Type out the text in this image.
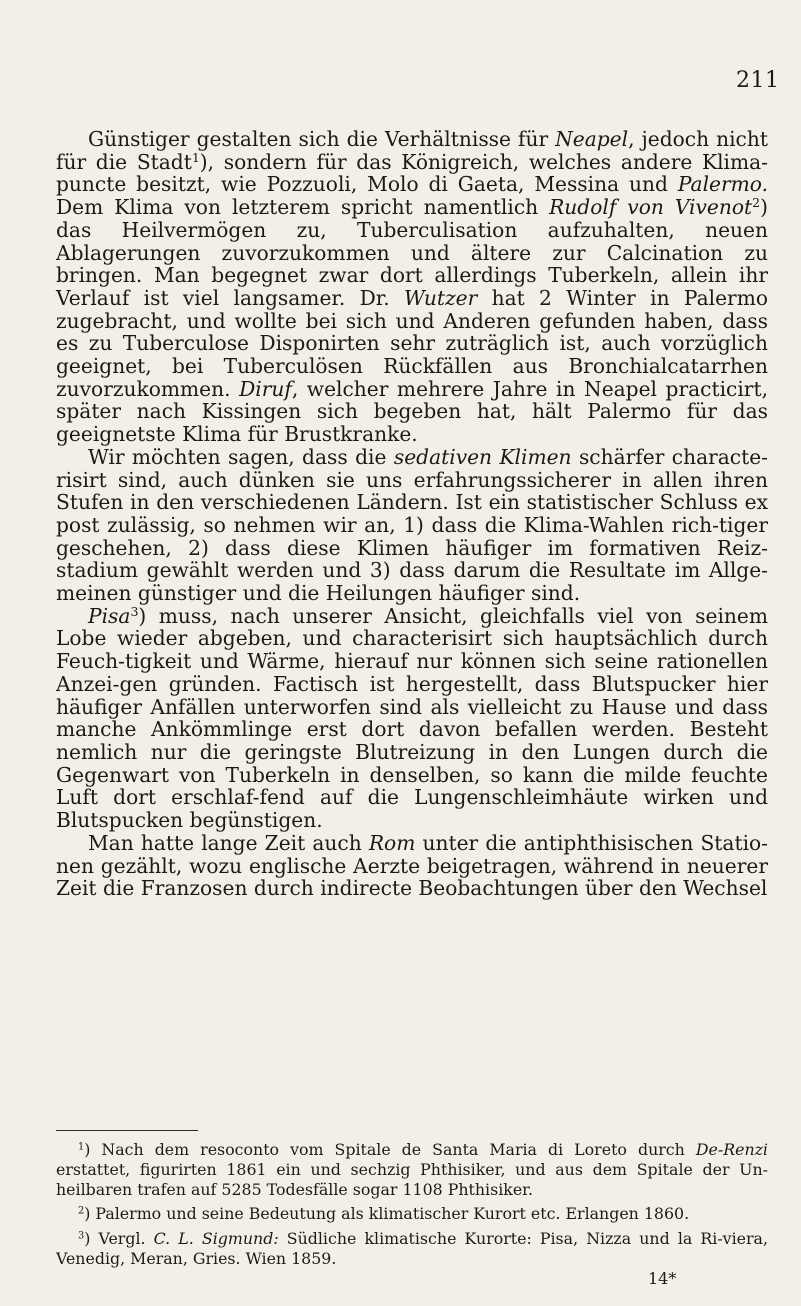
211

Günstiger gestalten sich die Verhältnisse für Neapel, jedoch nicht für die Stadt$^1$), sondern für das Königreich, welches andere Klima-puncte besitzt, wie Pozzuoli, Molo di Gaeta, Messina und Palermo. Dem Klima von letzterem spricht namentlich Rudolf von Vivenot$^2$) das Heilvermögen zu, Tuberculisation aufzuhalten, neuen Ablagerungen zuvorzukommen und ältere zur Calcination zu bringen. Man begegnet zwar dort allerdings Tuberkeln, allein ihr Verlauf ist viel langsamer. Dr. Wutzer hat 2 Winter in Palermo zugebracht, und wollte bei sich und Anderen gefunden haben, dass es zu Tuberculose Disponirten sehr zuträglich ist, auch vorzüglich geeignet, bei Tuberculösen Rückfällen aus Bronchialcatarrhen zuvorzukommen. Diruf, welcher mehrere Jahre in Neapel practicirt, später nach Kissingen sich begeben hat, hält Palermo für das geeignetste Klima für Brustkranke.

Wir möchten sagen, dass die sedativen Klimen schärfer characte-risirt sind, auch dünken sie uns erfahrungssicherer in allen ihren Stufen in den verschiedenen Ländern. Ist ein statistischer Schluss ex post zulässig, so nehmen wir an, 1) dass die Klima-Wahlen rich-tiger geschehen, 2) dass diese Klimen häufiger im formativen Reiz-stadium gewählt werden und 3) dass darum die Resultate im Allge-meinen günstiger und die Heilungen häufiger sind.

Pisa$^3$) muss, nach unserer Ansicht, gleichfalls viel von seinem Lobe wieder abgeben, und characterisirt sich hauptsächlich durch Feuch-tigkeit und Wärme, hierauf nur können sich seine rationellen Anzei-gen gründen. Factisch ist hergestellt, dass Blutspucker hier häufiger Anfällen unterworfen sind als vielleicht zu Hause und dass manche Ankömmlinge erst dort davon befallen werden. Besteht nemlich nur die geringste Blutreizung in den Lungen durch die Gegenwart von Tuberkeln in denselben, so kann die milde feuchte Luft dort erschlaf-fend auf die Lungenschleimhäute wirken und Blutspucken begünstigen.

Man hatte lange Zeit auch Rom unter die antiphthisischen Statio-nen gezählt, wozu englische Aerzte beigetragen, während in neuerer Zeit die Franzosen durch indirecte Beobachtungen über den Wechsel

$^1$) Nach dem resoconto vom Spitale de Santa Maria di Loreto durch De-Renzi erstattet, figurirten 1861 ein und sechzig Phthisiker, und aus dem Spitale der Un-heilbaren trafen auf 5285 Todesfälle sogar 1108 Phthisiker.

$^2$) Palermo und seine Bedeutung als klimatischer Kurort etc. Erlangen 1860.

$^3$) Vergl. C. L. Sigmund: Südliche klimatische Kurorte: Pisa, Nizza und la Ri-viera, Venedig, Meran, Gries. Wien 1859.

14*
